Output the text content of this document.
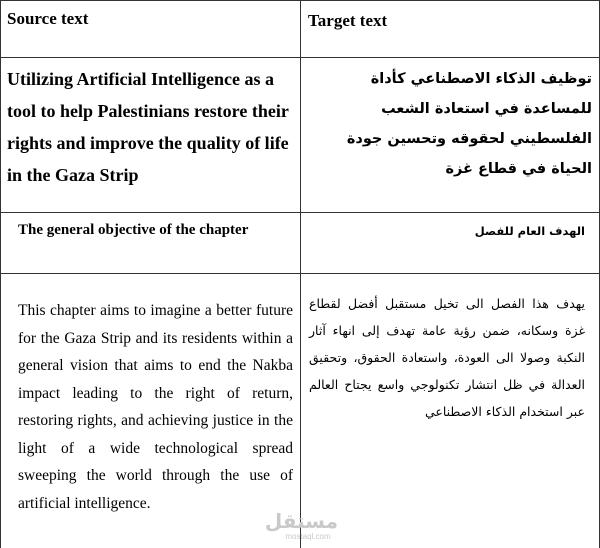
Source text	Target text
Utilizing Artificial Intelligence as a tool to help Palestinians restore their rights and improve the quality of life in the Gaza Strip
توظيف الذكاء الاصطناعي كأداة للمساعدة في استعادة الشعب الفلسطيني لحقوقه وتحسين جودة الحياة في قطاع غزة
The general objective of the chapter	الهدف العام للفصل
This chapter aims to imagine a better future for the Gaza Strip and its residents within a general vision that aims to end the Nakba impact leading to the right of return, restoring rights, and achieving justice in the light of a wide technological spread sweeping the world through the use of artificial intelligence.
يهدف هذا الفصل الى تخيل مستقبل أفضل لقطاع غزة وسكانه، ضمن رؤية عامة تهدف إلى انهاء آثار النكبة وصولا الى العودة، واستعادة الحقوق، وتحقيق العدالة في ظل انتشار تكنولوجي واسع يجتاح العالم عبر استخدام الذكاء الاصطناعي
مستقل
mostaql.com
